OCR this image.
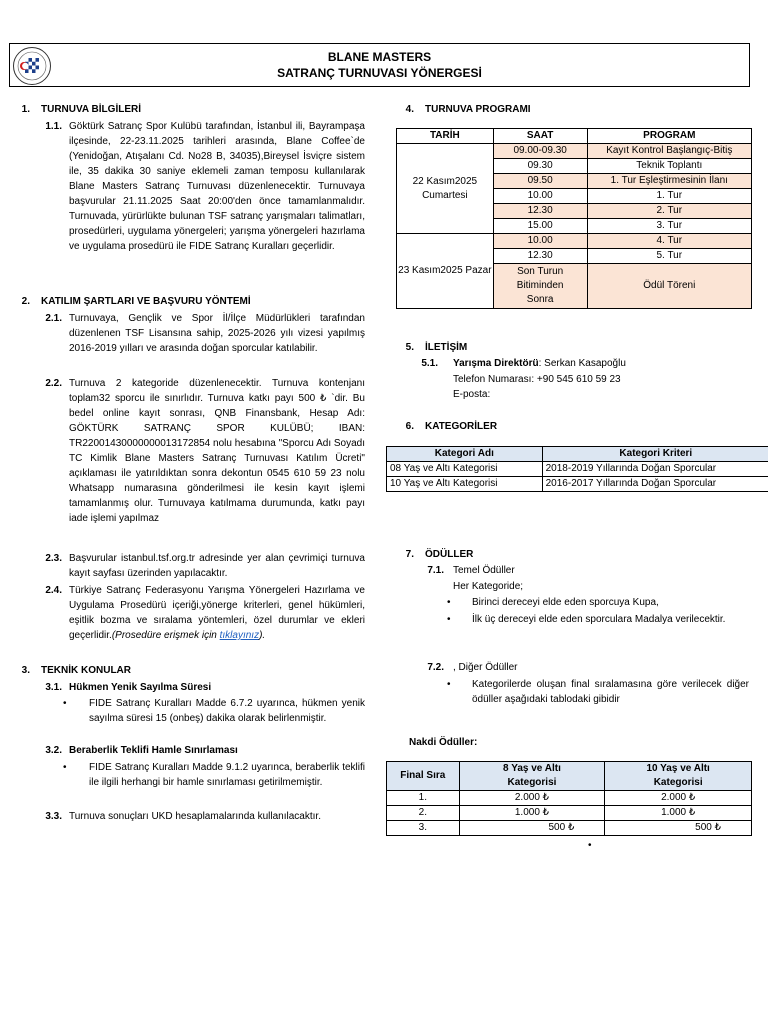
BLANE MASTERS
SATRANÇ TURNUVASI YÖNERGESİ
1. TURNUVA BİLGİLERİ
1.1. Göktürk Satranç Spor Kulübü tarafından, İstanbul ili, Bayrampaşa ilçesinde, 22-23.11.2025 tarihleri arasında, Blane Coffee`de (Yenidoğan, Atışalanı Cd. No28 B, 34035),Bireysel İsviçre sistem ile, 35 dakika 30 saniye eklemeli zaman temposu kullanılarak Blane Masters Satranç Turnuvası düzenlenecektir. Turnuvaya başvurular 21.11.2025 Saat 20:00'den önce tamamlanmalıdır. Turnuvada, yürürlükte bulunan TSF satranç yarışmaları talimatları, prosedürleri, uygulama yönergeleri; yarışma yönergeleri hazırlama ve uygulama prosedürü ile FIDE Satranç Kuralları geçerlidir.
2. KATILIM ŞARTLARI VE BAŞVURU YÖNTEMİ
2.1. Turnuvaya, Gençlik ve Spor İl/İlçe Müdürlükleri tarafından düzenlenen TSF Lisansına sahip, 2025-2026 yılı vizesi yapılmış 2016-2019 yılları ve arasında doğan sporcular katılabilir.
2.2. Turnuva 2 kategoride düzenlenecektir. Turnuva kontenjanı toplam32 sporcu ile sınırlıdır. Turnuva katkı payı 500 ₺ `dir. Bu bedel online kayıt sonrası, QNB Finansbank, Hesap Adı: GÖKTÜRK SATRANÇ SPOR KULÜBÜ; IBAN: TR22001430000000013172854 nolu hesabına "Sporcu Adı Soyadı TC Kimlik Blane Masters Satranç Turnuvası Katılım Ücreti" açıklaması ile yatırıldıktan sonra dekontun 0545 610 59 23 nolu Whatsapp numarasına gönderilmesi ile kesin kayıt işlemi tamamlanmış olur. Turnuvaya katılmama durumunda, katkı payı iade işlemi yapılmaz
2.3. Başvurular istanbul.tsf.org.tr adresinde yer alan çevrimiçi turnuva kayıt sayfası üzerinden yapılacaktır.
2.4. Türkiye Satranç Federasyonu Yarışma Yönergeleri Hazırlama ve Uygulama Prosedürü içeriği,yönerge kriterleri, genel hükümleri, eşitlik bozma ve sıralama yöntemleri, özel durumlar ve ekleri geçerlidir.(Prosedüre erişmek için tıklayınız).
3. TEKNİK KONULAR
3.1. Hükmen Yenik Sayılma Süresi
• FIDE Satranç Kuralları Madde 6.7.2 uyarınca, hükmen yenik sayılma süresi 15 (onbeş) dakika olarak belirlenmiştir.
3.2. Beraberlik Teklifi Hamle Sınırlaması
• FIDE Satranç Kuralları Madde 9.1.2 uyarınca, beraberlik teklifi ile ilgili herhangi bir hamle sınırlaması getirilmemiştir.
3.3. Turnuva sonuçları UKD hesaplamalarında kullanılacaktır.
4. TURNUVA PROGRAMI
TARİH	SAAT	PROGRAM
22 Kasım2025 Cumartesi	09.00-09.30	Kayıt Kontrol Başlangıç-Bitiş
	09.30	Teknik Toplantı
	09.50	1. Tur Eşleştirmesinin İlanı
	10.00	1. Tur
	12.30	2. Tur
	15.00	3. Tur
23 Kasım2025 Pazar	10.00	4. Tur
	12.30	5. Tur
	Son Turun Bitiminden Sonra	Ödül Töreni
5. İLETİŞİM
5.1. Yarışma Direktörü: Serkan Kasapoğlu
Telefon Numarası: +90 545 610 59 23
E-posta:
6. KATEGORİLER
Kategori Adı	Kategori Kriteri
08 Yaş ve Altı Kategorisi	2018-2019 Yıllarında Doğan Sporcular
10 Yaş ve Altı Kategorisi	2016-2017 Yıllarında Doğan Sporcular
7. ÖDÜLLER
7.1. Temel Ödüller
Her Kategoride;
• Birinci dereceyi elde eden sporcuya Kupa,
• İlk üç dereceyi elde eden sporculara Madalya verilecektir.
7.2. , Diğer Ödüller
• Kategorilerde oluşan final sıralamasına göre verilecek diğer ödüller aşağıdaki tablodaki gibidir
Nakdi Ödüller:
Final Sıra	8 Yaş ve Altı Kategorisi	10 Yaş ve Altı Kategorisi
1.	2.000 ₺	2.000 ₺
2.	1.000 ₺	1.000 ₺
3.	500 ₺	500 ₺
•
